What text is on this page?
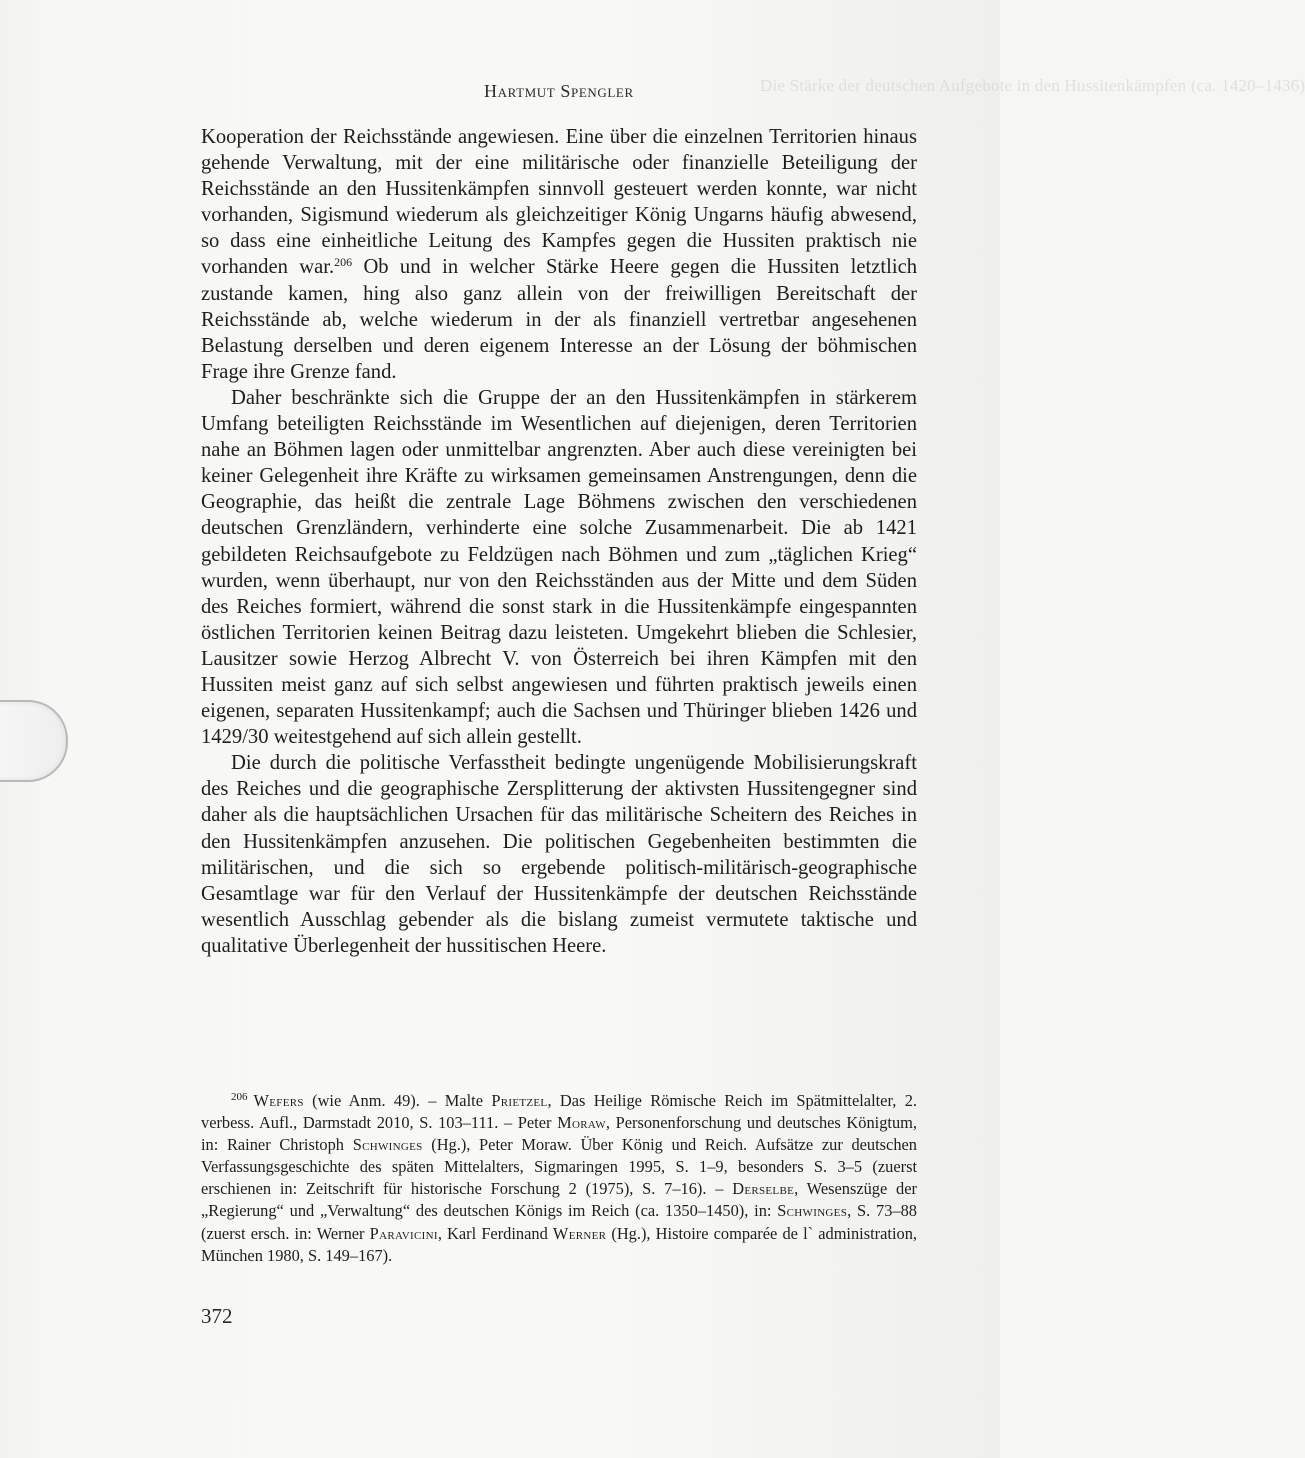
Die Stärke der deutschen Aufgebote in den Hussitenkämpfen (ca. 1420–1436)
Hartmut Spengler

Kooperation der Reichsstände angewiesen. Eine über die einzelnen Territorien hinaus gehende Verwaltung, mit der eine militärische oder finanzielle Beteiligung der Reichsstände an den Hussitenkämpfen sinnvoll gesteuert werden konnte, war nicht vorhanden, Sigismund wiederum als gleichzeitiger König Ungarns häufig abwesend, so dass eine einheitliche Leitung des Kampfes gegen die Hussiten praktisch nie vorhanden war.$^{206}$ Ob und in welcher Stärke Heere gegen die Hussiten letztlich zustande kamen, hing also ganz allein von der freiwilligen Bereitschaft der Reichsstände ab, welche wiederum in der als finanziell vertretbar angesehenen Belastung derselben und deren eigenem Interesse an der Lösung der böhmischen Frage ihre Grenze fand.

Daher beschränkte sich die Gruppe der an den Hussitenkämpfen in stärkerem Umfang beteiligten Reichsstände im Wesentlichen auf diejenigen, deren Territorien nahe an Böhmen lagen oder unmittelbar angrenzten. Aber auch diese vereinigten bei keiner Gelegenheit ihre Kräfte zu wirksamen gemeinsamen Anstrengungen, denn die Geographie, das heißt die zentrale Lage Böhmens zwischen den verschiedenen deutschen Grenzländern, verhinderte eine solche Zusammenarbeit. Die ab 1421 gebildeten Reichsaufgebote zu Feldzügen nach Böhmen und zum „täglichen Krieg“ wurden, wenn überhaupt, nur von den Reichsständen aus der Mitte und dem Süden des Reiches formiert, während die sonst stark in die Hussitenkämpfe eingespannten östlichen Territorien keinen Beitrag dazu leisteten. Umgekehrt blieben die Schlesier, Lausitzer sowie Herzog Albrecht V. von Österreich bei ihren Kämpfen mit den Hussiten meist ganz auf sich selbst angewiesen und führten praktisch jeweils einen eigenen, separaten Hussitenkampf; auch die Sachsen und Thüringer blieben 1426 und 1429/30 weitestgehend auf sich allein gestellt.

Die durch die politische Verfasstheit bedingte ungenügende Mobilisierungskraft des Reiches und die geographische Zersplitterung der aktivsten Hussitengegner sind daher als die hauptsächlichen Ursachen für das militärische Scheitern des Reiches in den Hussitenkämpfen anzusehen. Die politischen Gegebenheiten bestimmten die militärischen, und die sich so ergebende politisch-militärisch-geographische Gesamtlage war für den Verlauf der Hussitenkämpfe der deutschen Reichsstände wesentlich Ausschlag gebender als die bislang zumeist vermutete taktische und qualitative Überlegenheit der hussitischen Heere.

$^{206}$ Wefers (wie Anm. 49). – Malte Prietzel, Das Heilige Römische Reich im Spätmittelalter, 2. verbess. Aufl., Darmstadt 2010, S. 103–111. – Peter Moraw, Personenforschung und deutsches Königtum, in: Rainer Christoph Schwinges (Hg.), Peter Moraw. Über König und Reich. Aufsätze zur deutschen Verfassungsgeschichte des späten Mittelalters, Sigmaringen 1995, S. 1–9, besonders S. 3–5 (zuerst erschienen in: Zeitschrift für historische Forschung 2 (1975), S. 7–16). – Derselbe, Wesenszüge der „Regierung“ und „Verwaltung“ des deutschen Königs im Reich (ca. 1350–1450), in: Schwinges, S. 73–88 (zuerst ersch. in: Werner Paravicini, Karl Ferdinand Werner (Hg.), Histoire comparée de l` administration, München 1980, S. 149–167).

372
